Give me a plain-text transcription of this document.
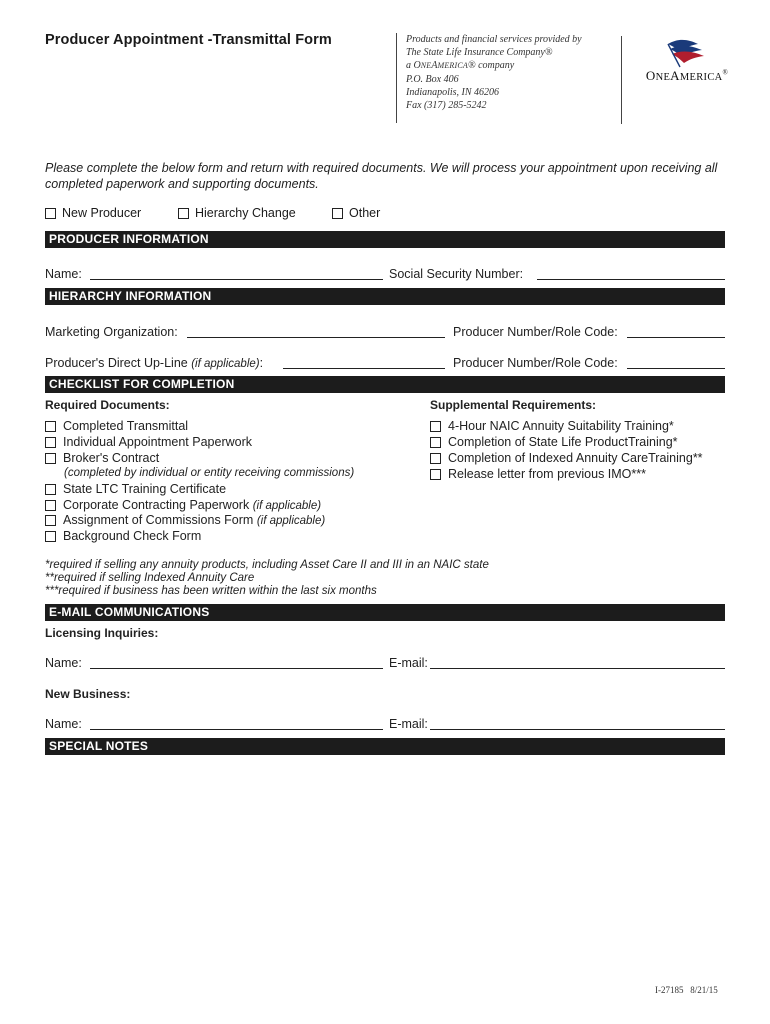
Producer Appointment -Transmittal Form	Products and financial services provided by
The State Life Insurance Company®
a ONEAMERICA® company
P.O. Box 406
Indianapolis, IN 46206
Fax (317) 285-5242
ONEAMERICA®
Please complete the below form and return with required documents. We will process your appointment upon receiving all completed paperwork and supporting documents.
New Producer	Hierarchy Change	Other
PRODUCER INFORMATION
Name:	Social Security Number:
HIERARCHY INFORMATION
Marketing Organization:	Producer Number/Role Code:
Producer's Direct Up-Line (if applicable):	Producer Number/Role Code:
CHECKLIST FOR COMPLETION
Required Documents:	Supplemental Requirements:
Completed Transmittal
Individual Appointment Paperwork
Broker's Contract
(completed by individual or entity receiving commissions)
State LTC Training Certificate
Corporate Contracting Paperwork (if applicable)
Assignment of Commissions Form (if applicable)
Background Check Form
4-Hour NAIC Annuity Suitability Training*
Completion of State Life ProductTraining*
Completion of Indexed Annuity CareTraining**
Release letter from previous IMO***
*required if selling any annuity products, including Asset Care II and III in an NAIC state
**required if selling Indexed Annuity Care
***required if business has been written within the last six months
E-MAIL COMMUNICATIONS
Licensing Inquiries:
Name:	E-mail:
New Business:
Name:	E-mail:
SPECIAL NOTES
I-27185 8/21/15
